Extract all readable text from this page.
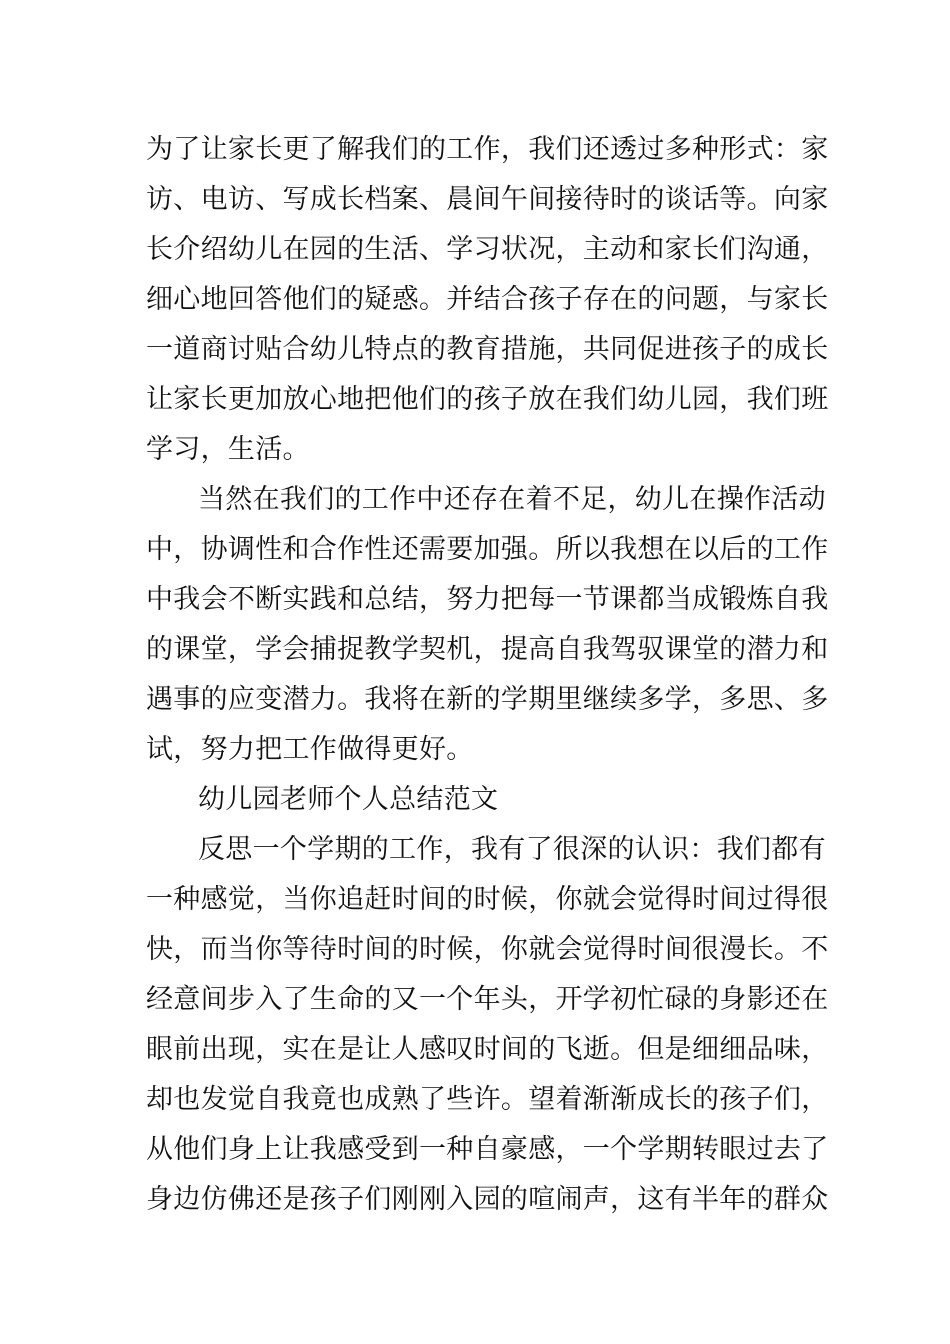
为了让家长更了解我们的工作，我们还透过多种形式：家
访、电访、写成长档案、晨间午间接待时的谈话等。向家
长介绍幼儿在园的生活、学习状况，主动和家长们沟通，
细心地回答他们的疑惑。并结合孩子存在的问题，与家长
一道商讨贴合幼儿特点的教育措施，共同促进孩子的成长
让家长更加放心地把他们的孩子放在我们幼儿园，我们班
学习，生活。
当然在我们的工作中还存在着不足，幼儿在操作活动
中，协调性和合作性还需要加强。所以我想在以后的工作
中我会不断实践和总结，努力把每一节课都当成锻炼自我
的课堂，学会捕捉教学契机，提高自我驾驭课堂的潜力和
遇事的应变潜力。我将在新的学期里继续多学，多思、多
试，努力把工作做得更好。
幼儿园老师个人总结范文
反思一个学期的工作，我有了很深的认识：我们都有
一种感觉，当你追赶时间的时候，你就会觉得时间过得很
快，而当你等待时间的时候，你就会觉得时间很漫长。不
经意间步入了生命的又一个年头，开学初忙碌的身影还在
眼前出现，实在是让人感叹时间的飞逝。但是细细品味，
却也发觉自我竟也成熟了些许。望着渐渐成长的孩子们，
从他们身上让我感受到一种自豪感，一个学期转眼过去了
身边仿佛还是孩子们刚刚入园的喧闹声，这有半年的群众
